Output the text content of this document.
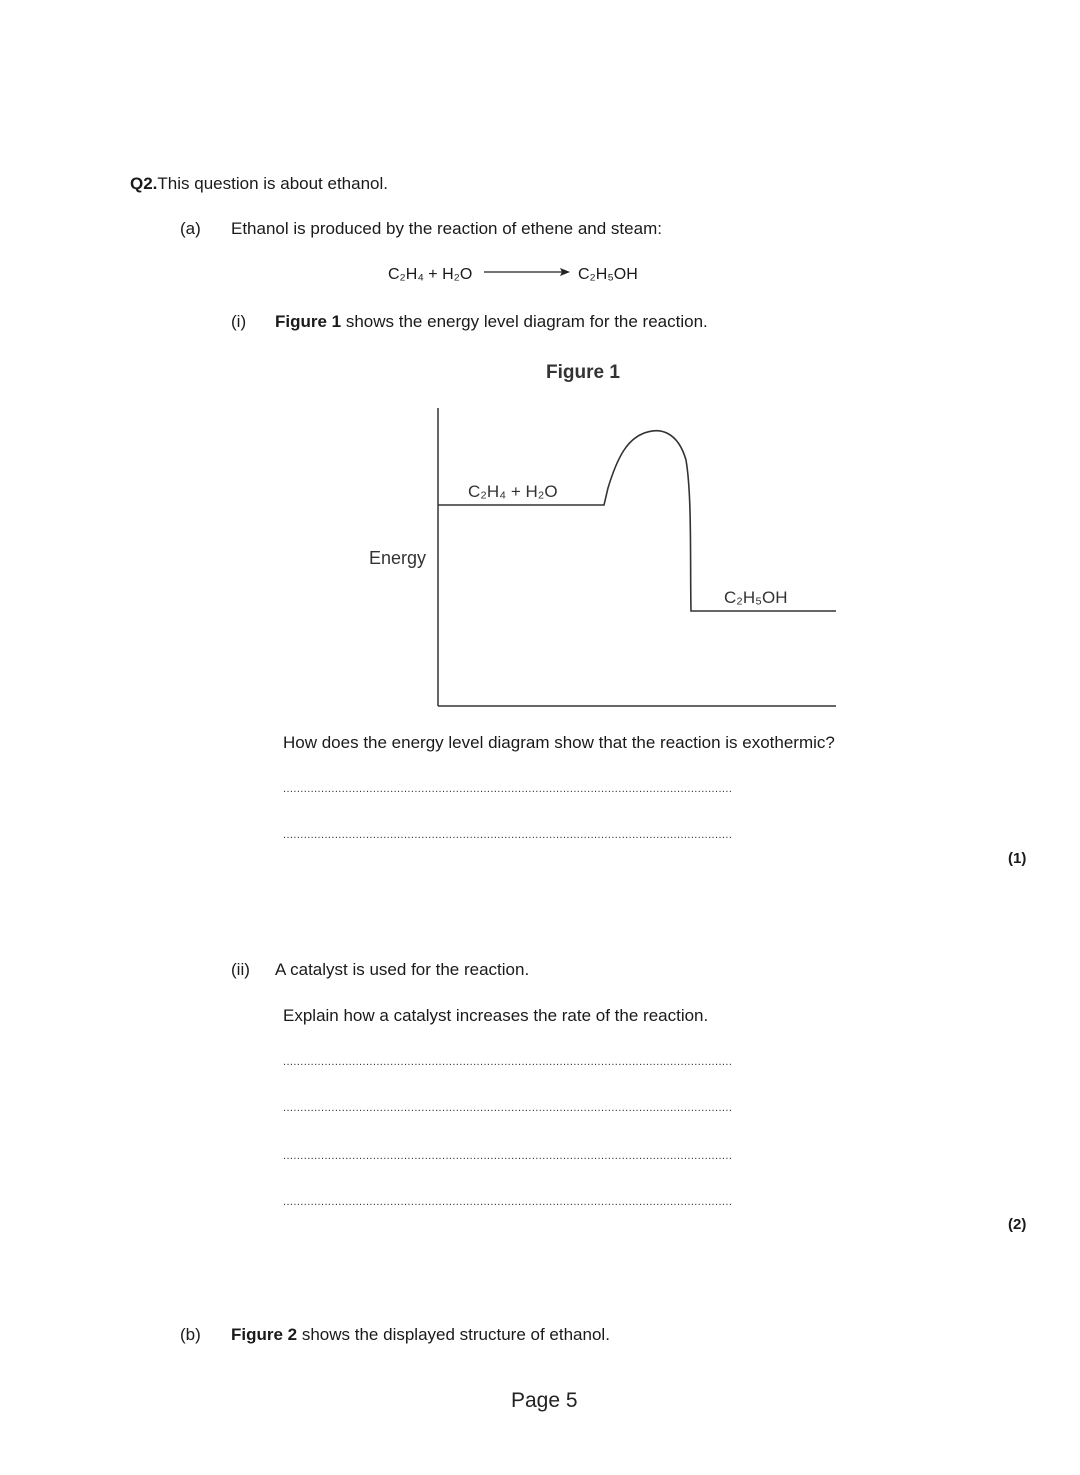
Q2.This question is about ethanol.
(a) Ethanol is produced by the reaction of ethene and steam:
C₂H₄ + H₂O	C₂H₅OH
(i) Figure 1 shows the energy level diagram for the reaction.
Figure 1
Energy
C₂H₄ + H₂O
C₂H₅OH
How does the energy level diagram show that the reaction is exothermic?
..................................................................................................................................
..................................................................................................................................
(1)
(ii) A catalyst is used for the reaction.
Explain how a catalyst increases the rate of the reaction.
..................................................................................................................................
..................................................................................................................................
..................................................................................................................................
..................................................................................................................................
(2)
(b) Figure 2 shows the displayed structure of ethanol.
Page 5
